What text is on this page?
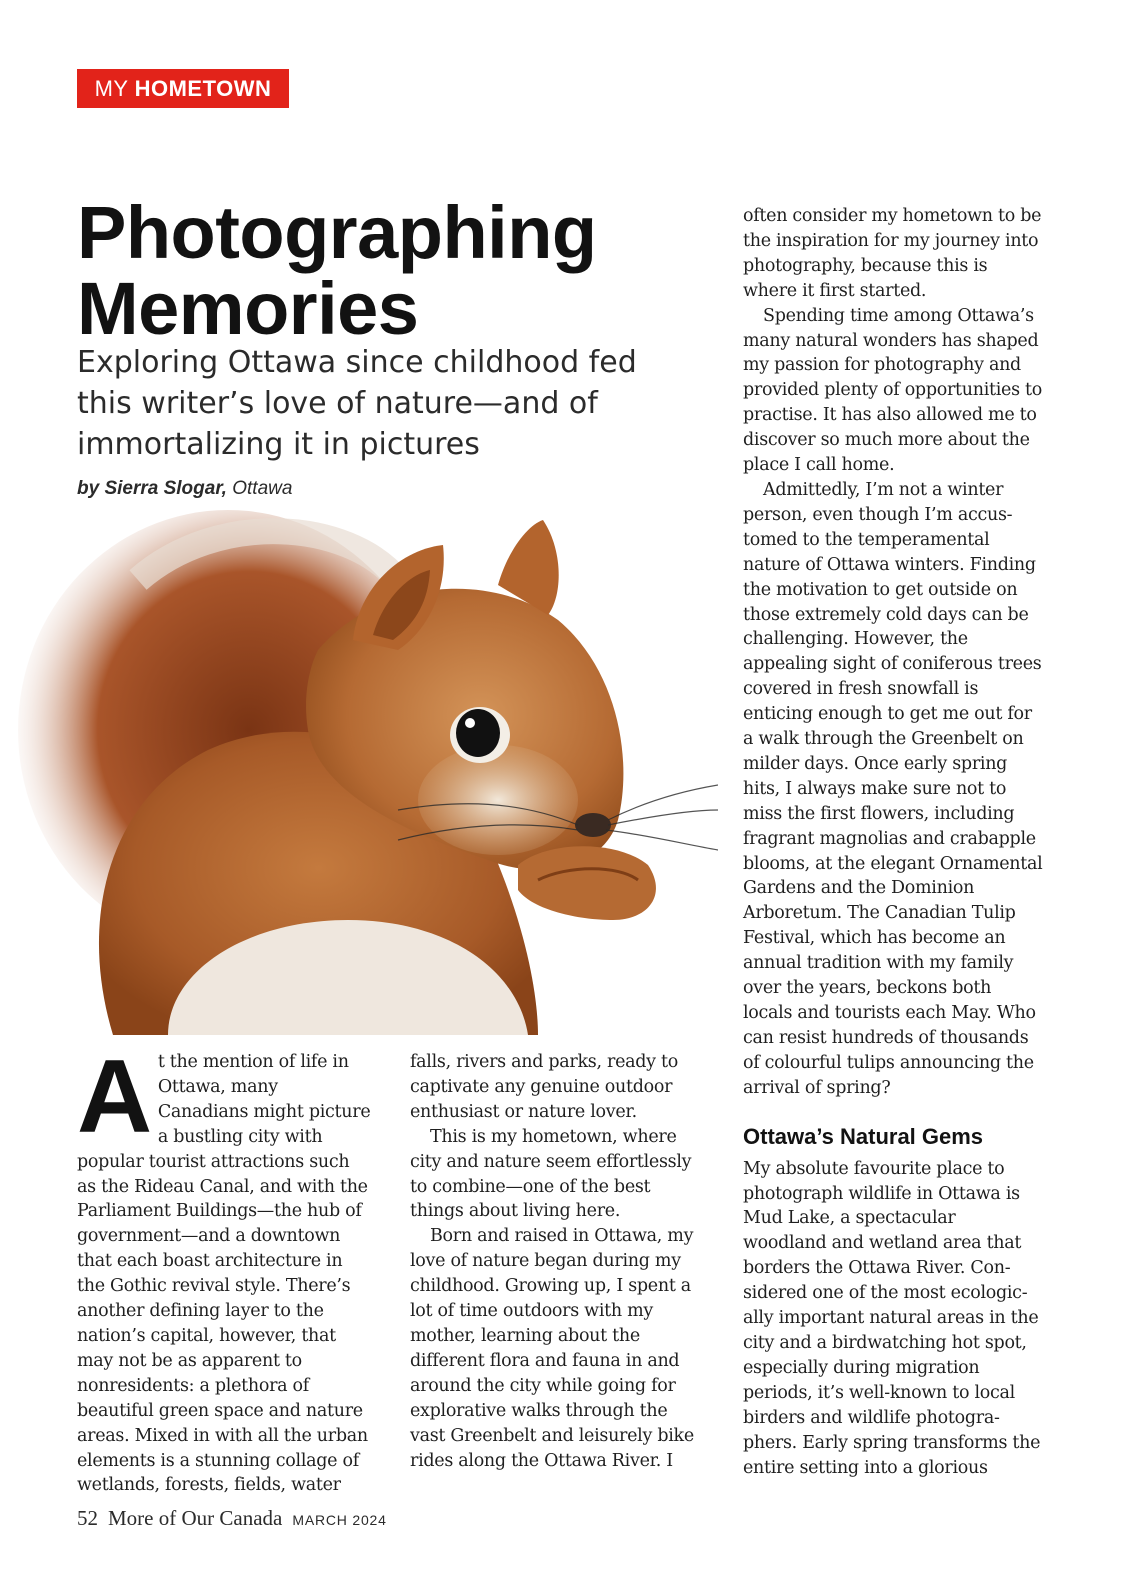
MY HOMETOWN
Photographing
Memories

Exploring Ottawa since childhood fed this writer’s love of nature—and of immortalizing it in pictures

by Sierra Slogar, Ottawa

At the mention of life in Ottawa, many Canadians might picture a bustling city with popular tourist attractions such as the Rideau Canal, and with the Parliament Buildings—the hub of government—and a downtown that each boast architecture in the Gothic revival style. There’s another defining layer to the nation’s capital, however, that may not be as apparent to nonresidents: a plethora of beautiful green space and nature areas. Mixed in with all the urban elements is a stunning collage of wetlands, forests, fields, water

falls, rivers and parks, ready to captivate any genuine outdoor enthusiast or nature lover.

This is my hometown, where city and nature seem effortlessly to combine—one of the best things about living here.

Born and raised in Ottawa, my love of nature began during my childhood. Growing up, I spent a lot of time outdoors with my mother, learning about the different flora and fauna in and around the city while going for explorative walks through the vast Greenbelt and leisurely bike rides along the Ottawa River. I

often consider my hometown to be the inspiration for my journey into photography, because this is where it first started.

Spending time among Ottawa’s many natural wonders has shaped my passion for photography and provided plenty of opportunities to practise. It has also allowed me to discover so much more about the place I call home.

Admittedly, I’m not a winter person, even though I’m accustomed to the temperamental nature of Ottawa winters. Finding the motivation to get outside on those extremely cold days can be challenging. However, the appealing sight of coniferous trees covered in fresh snowfall is enticing enough to get me out for a walk through the Greenbelt on milder days. Once early spring hits, I always make sure not to miss the first flowers, including fragrant magnolias and crabapple blooms, at the elegant Ornamental Gardens and the Dominion Arboretum. The Canadian Tulip Festival, which has become an annual tradition with my family over the years, beckons both locals and tourists each May. Who can resist hundreds of thousands of colourful tulips announcing the arrival of spring?

Ottawa’s Natural Gems

My absolute favourite place to photograph wildlife in Ottawa is Mud Lake, a spectacular woodland and wetland area that borders the Ottawa River. Considered one of the most ecologically important natural areas in the city and a birdwatching hot spot, especially during migration periods, it’s well-known to local birders and wildlife photographers. Early spring transforms the entire setting into a glorious

52 More of Our Canada MARCH 2024
